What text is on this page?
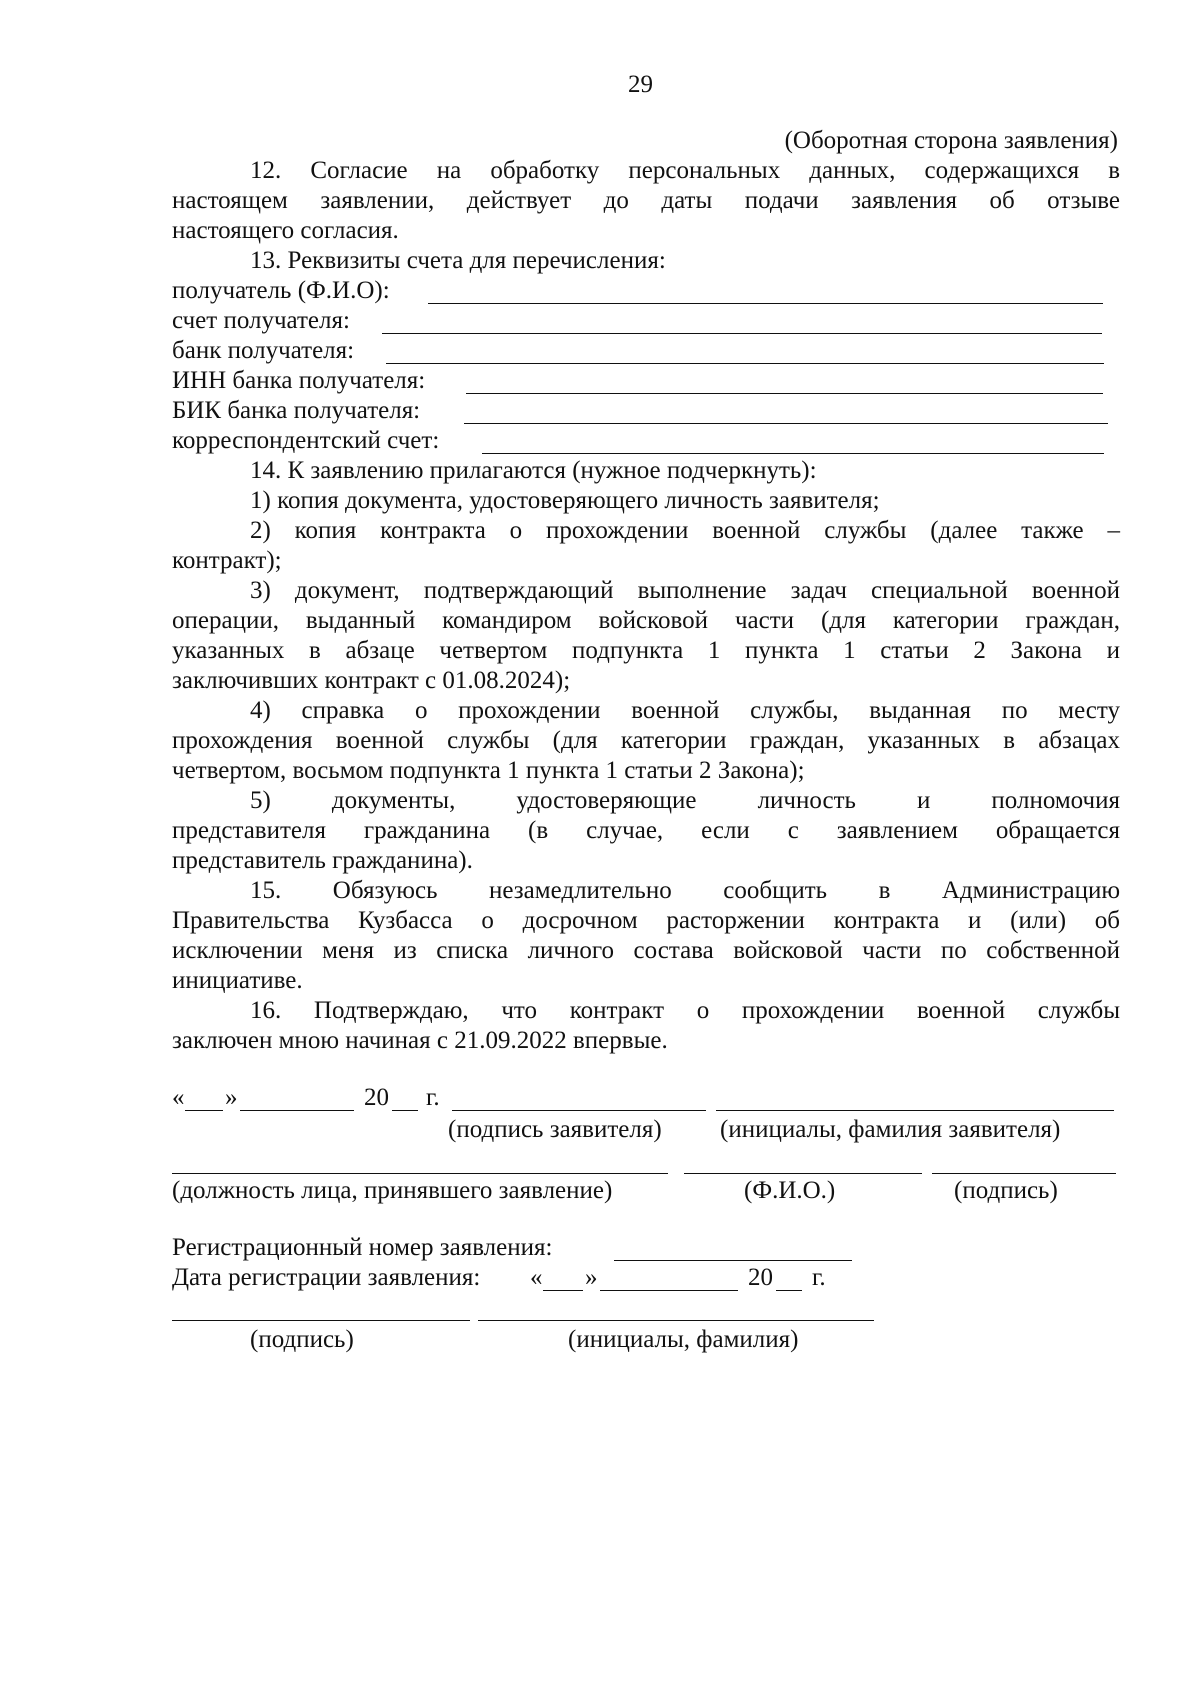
29
(Оборотная сторона заявления)
12. Согласие на обработку персональных данных, содержащихся в
настоящем заявлении, действует до даты подачи заявления об отзыве
настоящего согласия.
13. Реквизиты счета для перечисления:
получатель (Ф.И.О):
счет получателя:
банк получателя:
ИНН банка получателя:
БИК банка получателя:
корреспондентский счет:
14. К заявлению прилагаются (нужное подчеркнуть):
1) копия документа, удостоверяющего личность заявителя;
2) копия контракта о прохождении военной службы (далее также –
контракт);
3) документ, подтверждающий выполнение задач специальной военной
операции, выданный командиром войсковой части (для категории граждан,
указанных в абзаце четвертом подпункта 1 пункта 1 статьи 2 Закона и
заключивших контракт с 01.08.2024);
4) справка о прохождении военной службы, выданная по месту
прохождения военной службы (для категории граждан, указанных в абзацах
четвертом, восьмом подпункта 1 пункта 1 статьи 2 Закона);
5) документы, удостоверяющие личность и полномочия
представителя гражданина (в случае, если с заявлением обращается
представитель гражданина).
15. Обязуюсь незамедлительно сообщить в Администрацию
Правительства Кузбасса о досрочном расторжении контракта и (или) об
исключении меня из списка личного состава войсковой части по собственной
инициативе.
16. Подтверждаю, что контракт о прохождении военной службы
заключен мною начиная с 21.09.2022 впервые.
« »	20 г.
(подпись заявителя) (инициалы, фамилия заявителя)
(должность лица, принявшего заявление)	(Ф.И.О.)	(подпись)
Регистрационный номер заявления:
Дата регистрации заявления: « »	20 г.
(подпись)	(инициалы, фамилия)
